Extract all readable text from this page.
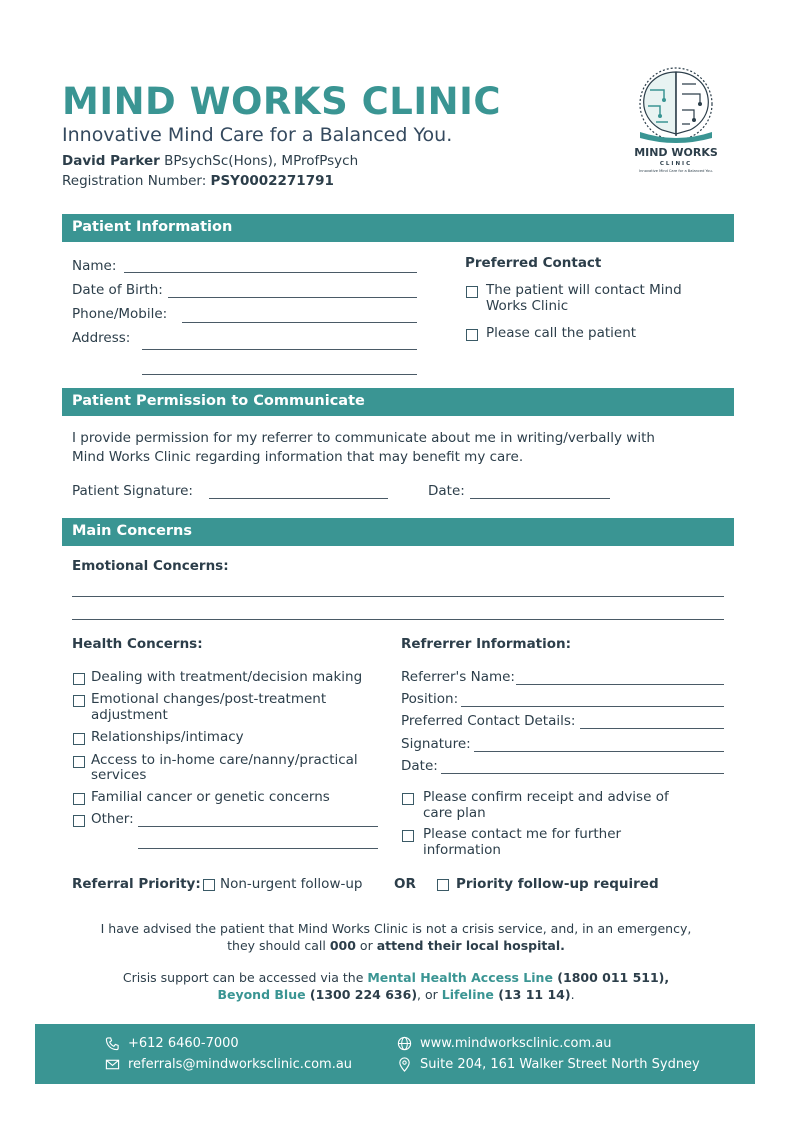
MIND WORKS CLINIC
Innovative Mind Care for a Balanced You.
David Parker BPsychSc(Hons), MProfPsych
Registration Number: PSY0002271791
MIND WORKS
CLINIC
Innovative Mind Care for a Balanced You.
Patient Information
Name:
Date of Birth:
Phone/Mobile:
Address:
Preferred Contact
The patient will contact Mind
Works Clinic
Please call the patient
Patient Permission to Communicate
I provide permission for my referrer to communicate about me in writing/verbally with
Mind Works Clinic regarding information that may benefit my care.
Patient Signature:	Date:
Main Concerns
Emotional Concerns:
Health Concerns:
Dealing with treatment/decision making
Emotional changes/post-treatment
adjustment
Relationships/intimacy
Access to in-home care/nanny/practical
services
Familial cancer or genetic concerns
Other:
Refrerrer Information:
Referrer's Name:
Position:
Preferred Contact Details:
Signature:
Date:
Please confirm receipt and advise of
care plan
Please contact me for further
information
Referral Priority: Non-urgent follow-up OR	Priority follow-up required
I have advised the patient that Mind Works Clinic is not a crisis service, and, in an emergency,
they should call 000 or attend their local hospital.
Crisis support can be accessed via the Mental Health Access Line (1800 011 511),
Beyond Blue (1300 224 636), or Lifeline (13 11 14).
+612 6460-7000
referrals@mindworksclinic.com.au
www.mindworksclinic.com.au
Suite 204, 161 Walker Street North Sydney
